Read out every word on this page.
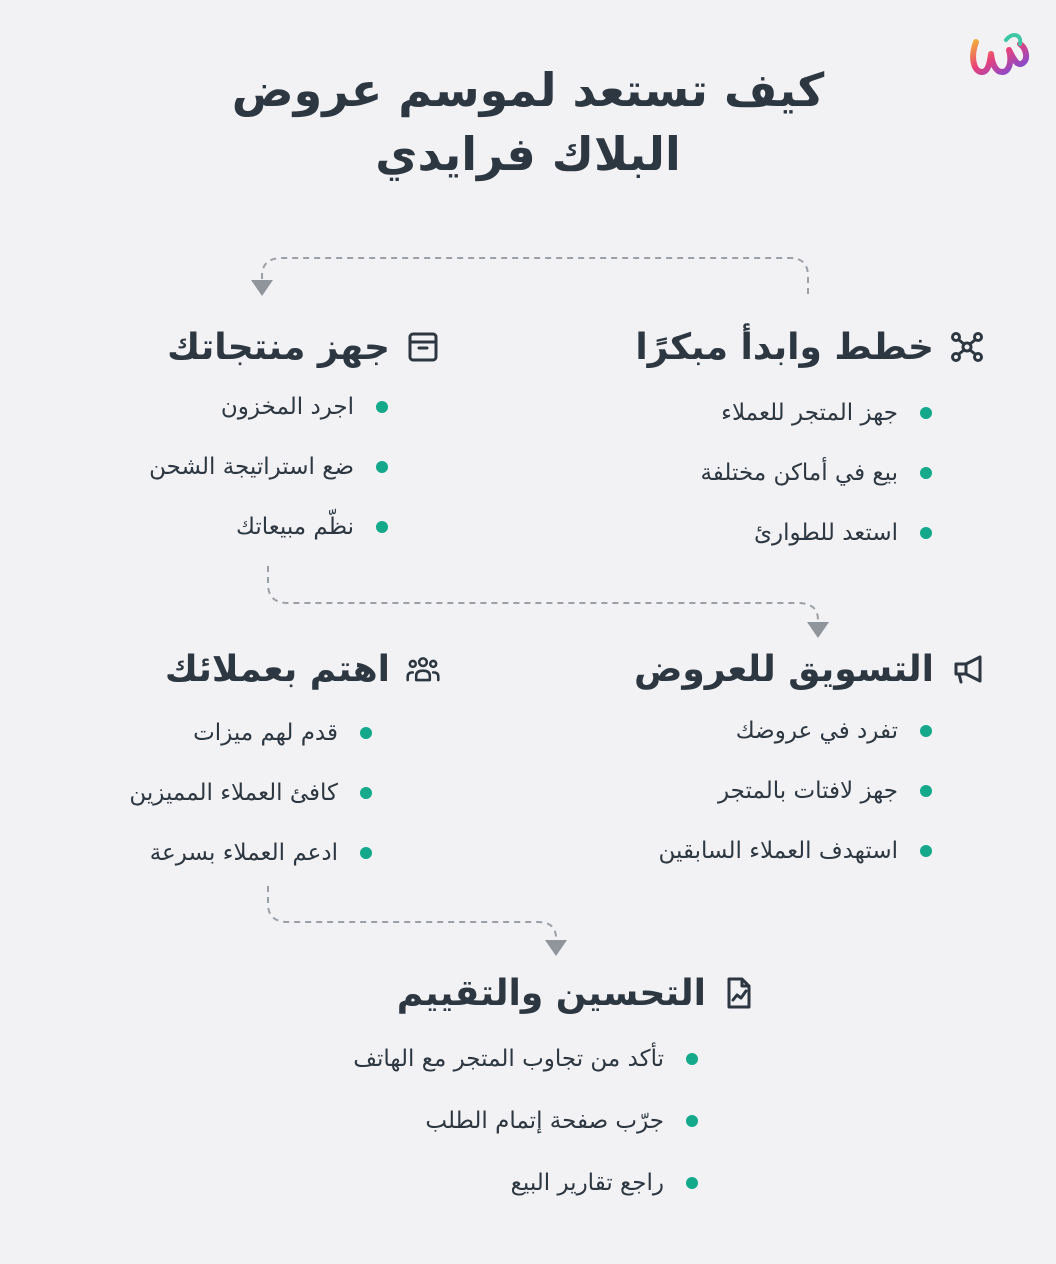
كيف تستعد لموسم عروض
البلاك فرايدي
خطط وابدأ مبكرًا
جهز المتجر للعملاء
بيع في أماكن مختلفة
استعد للطوارئ
جهز منتجاتك
اجرد المخزون
ضع استراتيجة الشحن
نظّم مبيعاتك
التسويق للعروض
تفرد في عروضك
جهز لافتات بالمتجر
استهدف العملاء السابقين
اهتم بعملائك
قدم لهم ميزات
كافئ العملاء المميزين
ادعم العملاء بسرعة
التحسين والتقييم
تأكد من تجاوب المتجر مع الهاتف
جرّب صفحة إتمام الطلب
راجع تقارير البيع
